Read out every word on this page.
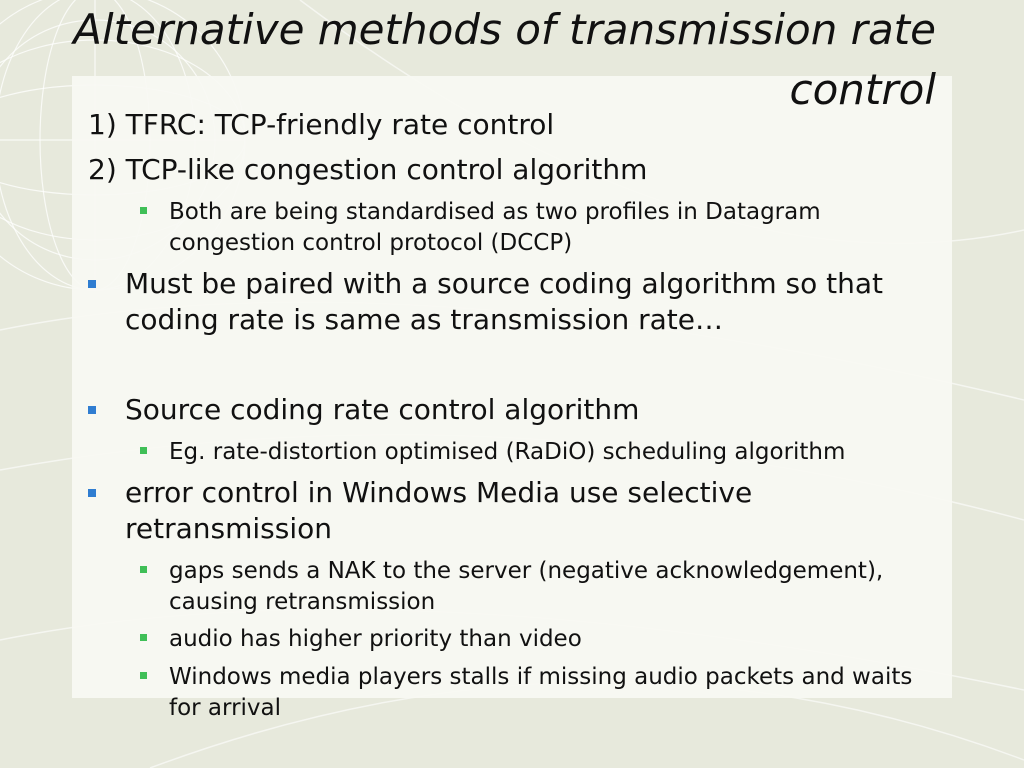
Alternative methods of transmission rate control
1) TFRC: TCP-friendly rate control
2) TCP-like congestion control algorithm
Both are being standardised as two profiles in Datagram congestion control protocol (DCCP)
Must be paired with a source coding algorithm so that coding rate is same as transmission rate…
Source coding rate control algorithm
Eg. rate-distortion optimised (RaDiO) scheduling algorithm
error control in Windows Media use selective retransmission
gaps sends a NAK to the server (negative acknowledgement), causing retransmission
audio has higher priority than video
Windows media players stalls if missing audio packets and waits for arrival
